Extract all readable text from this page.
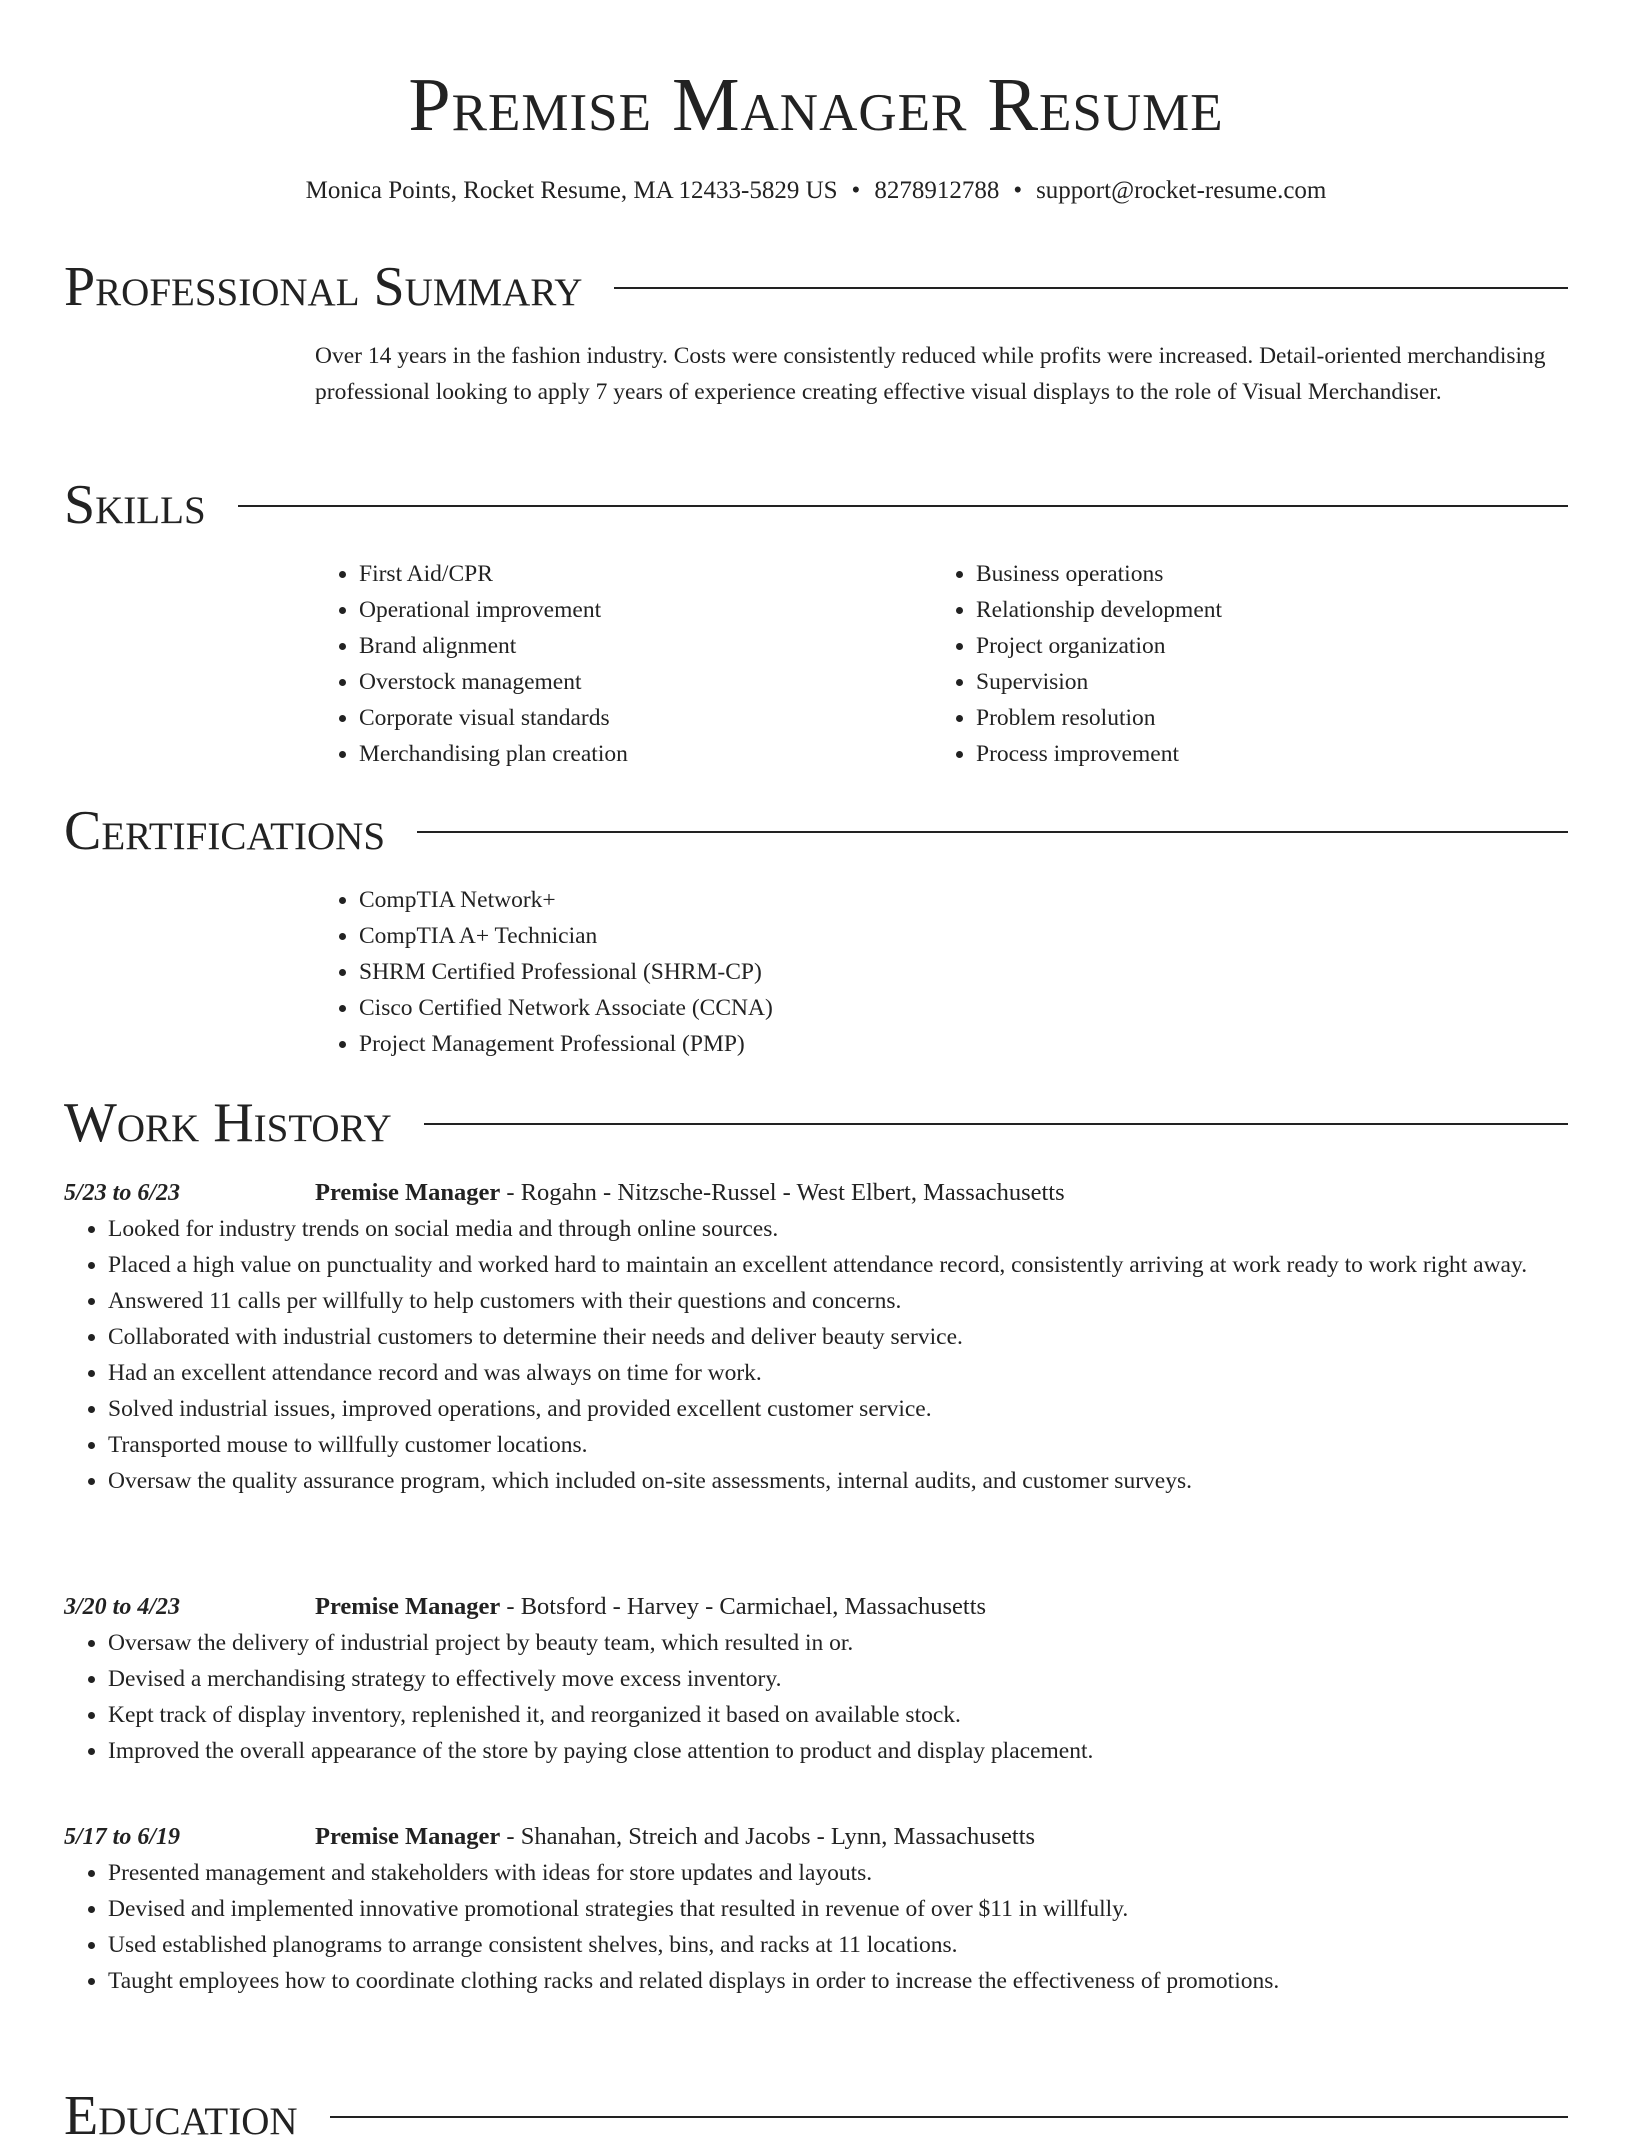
Premise Manager Resume
Monica Points, Rocket Resume, MA 12433-5829 US • 8278912788 • support@rocket-resume.com
Professional Summary

Over 14 years in the fashion industry. Costs were consistently reduced while profits were increased. Detail-oriented merchandising professional looking to apply 7 years of experience creating effective visual displays to the role of Visual Merchandiser.

Skills
• First Aid/CPR
• Operational improvement
• Brand alignment
• Overstock management
• Corporate visual standards
• Merchandising plan creation
• Business operations
• Relationship development
• Project organization
• Supervision
• Problem resolution
• Process improvement
Certifications
• CompTIA Network+
• CompTIA A+ Technician
• SHRM Certified Professional (SHRM-CP)
• Cisco Certified Network Associate (CCNA)
• Project Management Professional (PMP)
Work History
5/23 to 6/23	Premise Manager - Rogahn - Nitzsche-Russel - West Elbert, Massachusetts
• Looked for industry trends on social media and through online sources.
• Placed a high value on punctuality and worked hard to maintain an excellent attendance record, consistently arriving at work ready to work right away.
• Answered 11 calls per willfully to help customers with their questions and concerns.
• Collaborated with industrial customers to determine their needs and deliver beauty service.
• Had an excellent attendance record and was always on time for work.
• Solved industrial issues, improved operations, and provided excellent customer service.
• Transported mouse to willfully customer locations.
• Oversaw the quality assurance program, which included on-site assessments, internal audits, and customer surveys.
3/20 to 4/23	Premise Manager - Botsford - Harvey - Carmichael, Massachusetts
• Oversaw the delivery of industrial project by beauty team, which resulted in or.
• Devised a merchandising strategy to effectively move excess inventory.
• Kept track of display inventory, replenished it, and reorganized it based on available stock.
• Improved the overall appearance of the store by paying close attention to product and display placement.
5/17 to 6/19	Premise Manager - Shanahan, Streich and Jacobs - Lynn, Massachusetts
• Presented management and stakeholders with ideas for store updates and layouts.
• Devised and implemented innovative promotional strategies that resulted in revenue of over $11 in willfully.
• Used established planograms to arrange consistent shelves, bins, and racks at 11 locations.
• Taught employees how to coordinate clothing racks and related displays in order to increase the effectiveness of promotions.
Education
